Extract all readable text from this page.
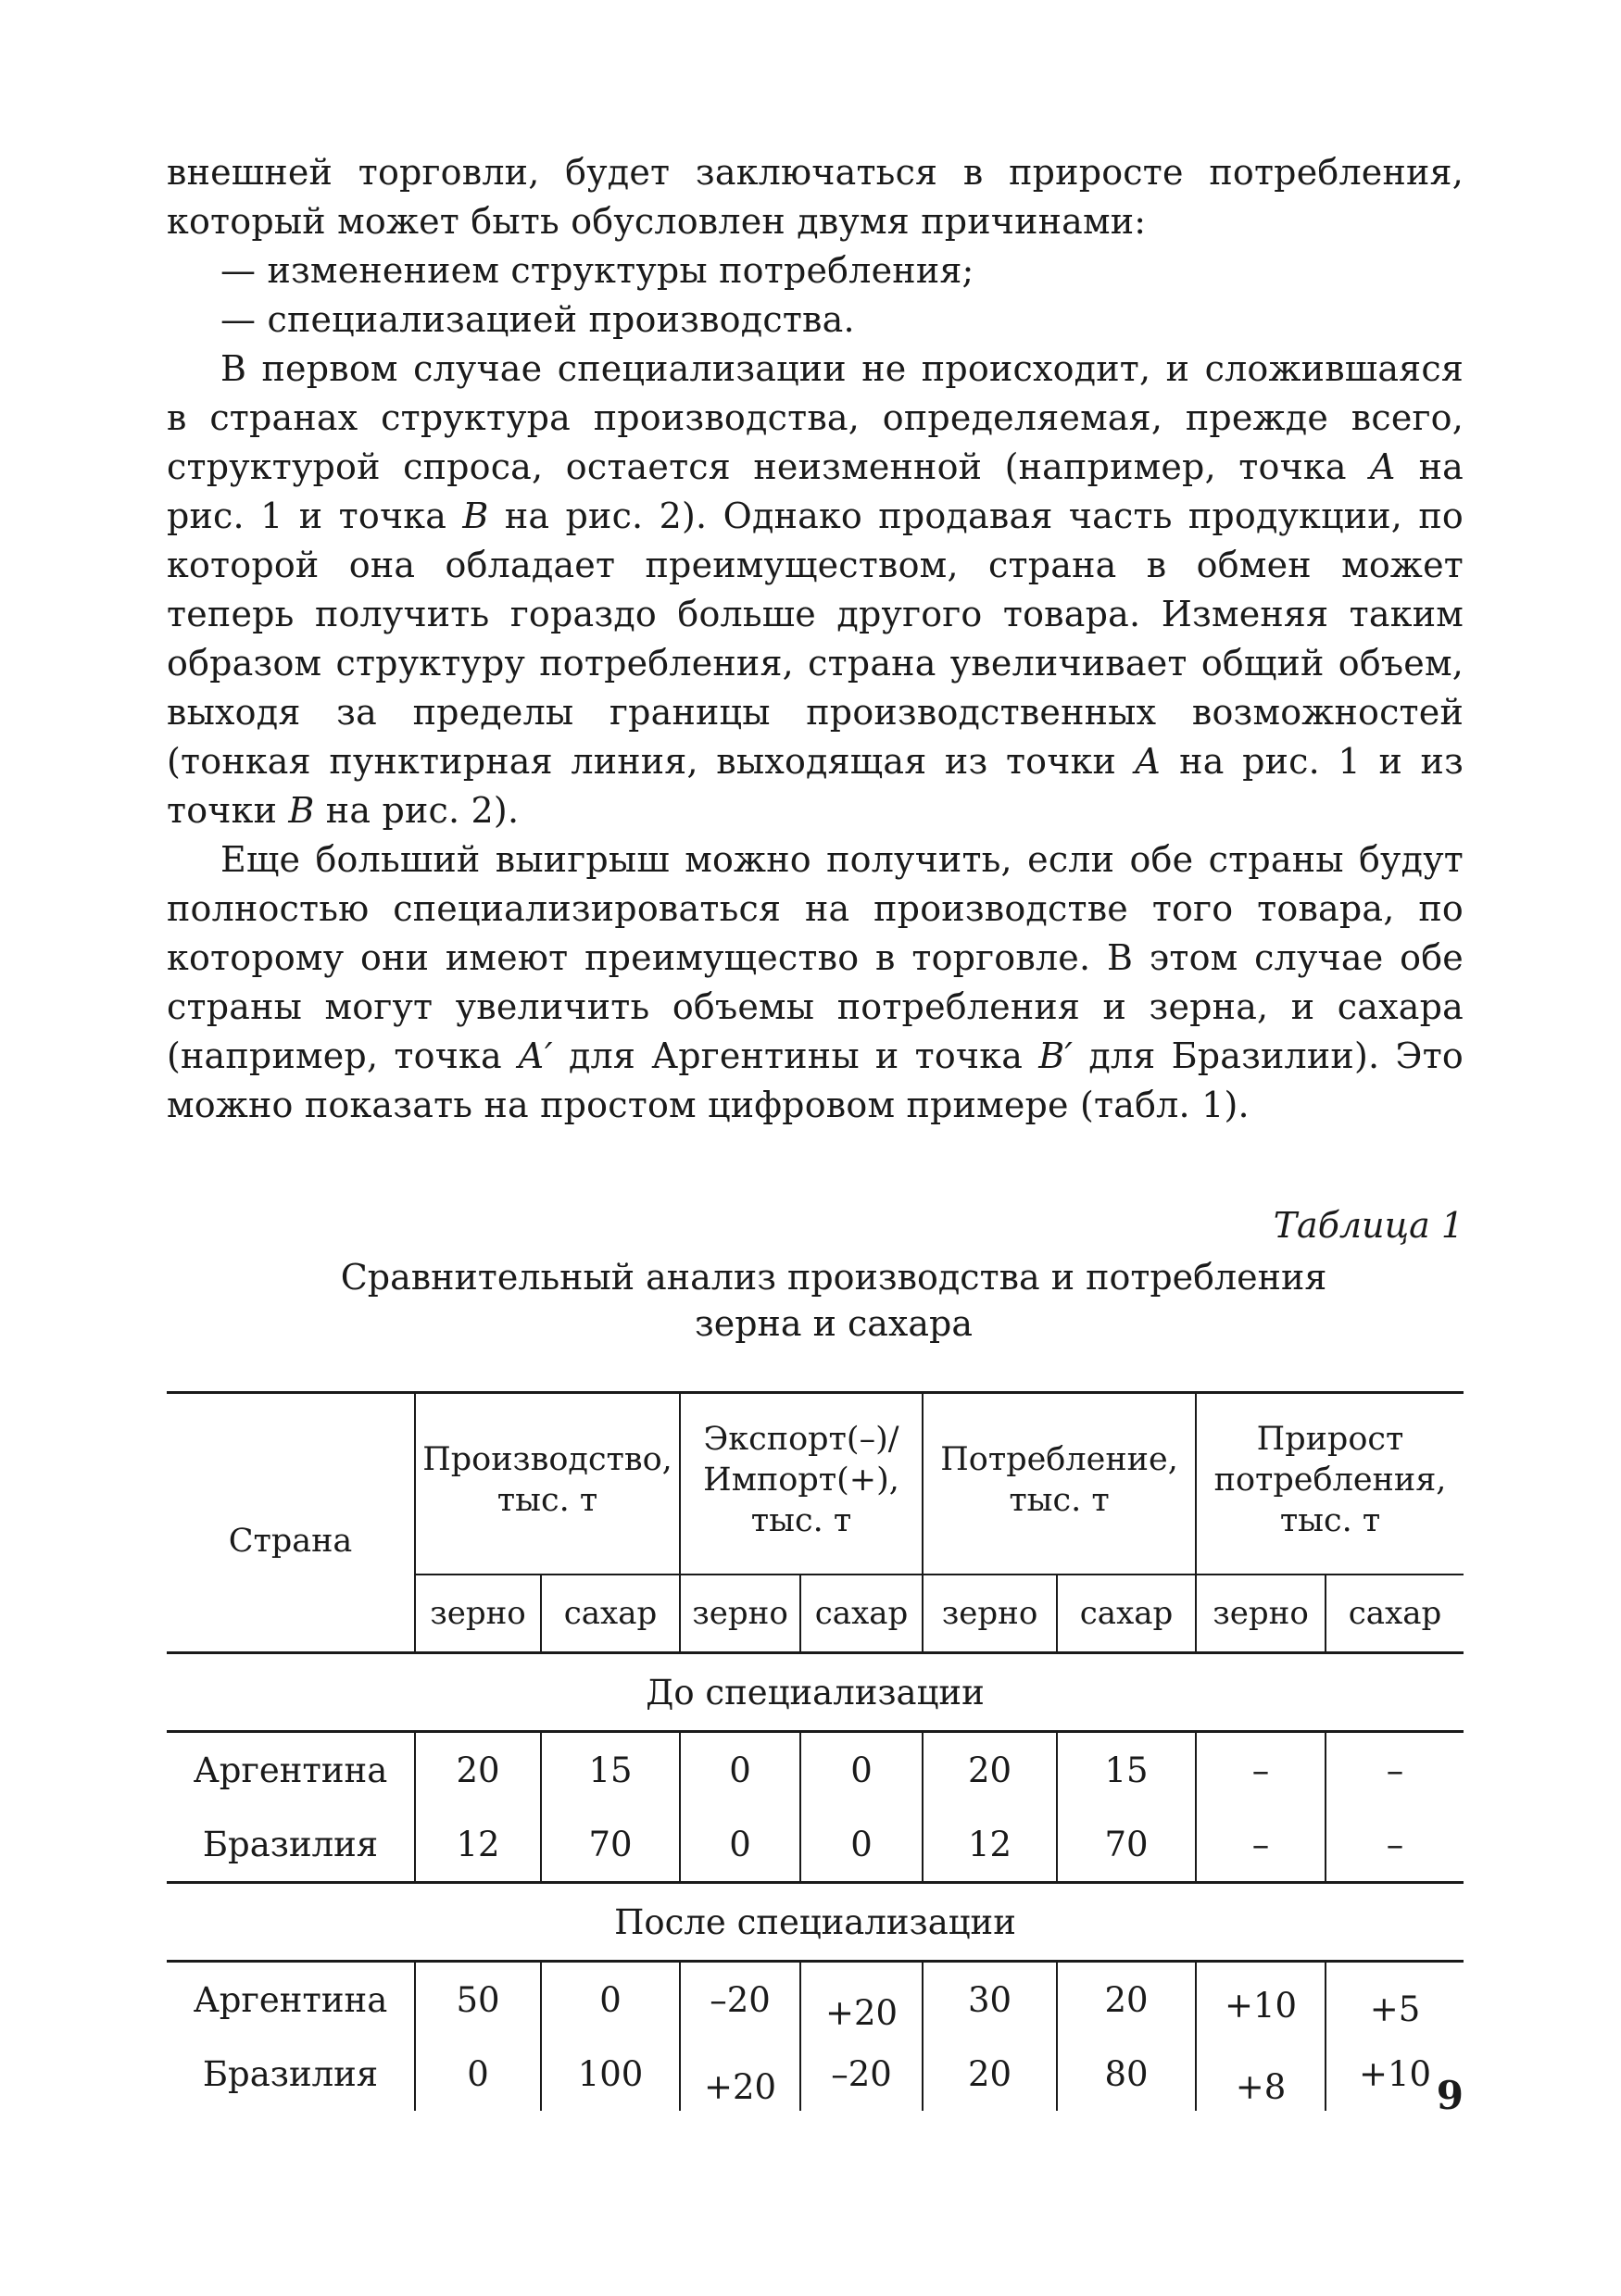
внешней торговли, будет заключаться в приросте потребления, который может быть обусловлен двумя причинами:

— изменением структуры потребления;

— специализацией производства.

В первом случае специализации не происходит, и сложившаяся в странах структура производства, определяемая, прежде всего, структурой спроса, остается неизменной (например, точка А на рис. 1 и точка В на рис. 2). Однако продавая часть продукции, по которой она обладает преимуществом, страна в обмен может теперь получить гораздо больше другого товара. Изменяя таким образом структуру потребления, страна увеличивает общий объем, выходя за пределы границы производственных возможностей (тонкая пунктирная линия, выходящая из точки А на рис. 1 и из точки В на рис. 2).

Еще больший выигрыш можно получить, если обе страны будут полностью специализироваться на производстве того товара, по которому они имеют преимущество в торговле. В этом случае обе страны могут увеличить объемы потребления и зерна, и сахара (например, точка А′ для Аргентины и точка В′ для Бразилии). Это можно показать на простом цифровом примере (табл. 1).

Таблица 1
Сравнительный анализ производства и потребления
зерна и сахара
Страна	Производство, тыс. т		Экспорт(–)/ Импорт(+), тыс. т		Потребление, тыс. т		Прирост потребления, тыс. т	
	зерно	сахар	зерно	сахар	зерно	сахар	зерно	сахар
До специализации								
Аргентина	20	15	0	0	20	15	–	–
Бразилия	12	70	0	0	12	70	–	–
После специализации								
Аргентина	50	0	–20	+20	30	20	+10	+5
Бразилия	0	100	+20	–20	20	80	+8	+10 9
